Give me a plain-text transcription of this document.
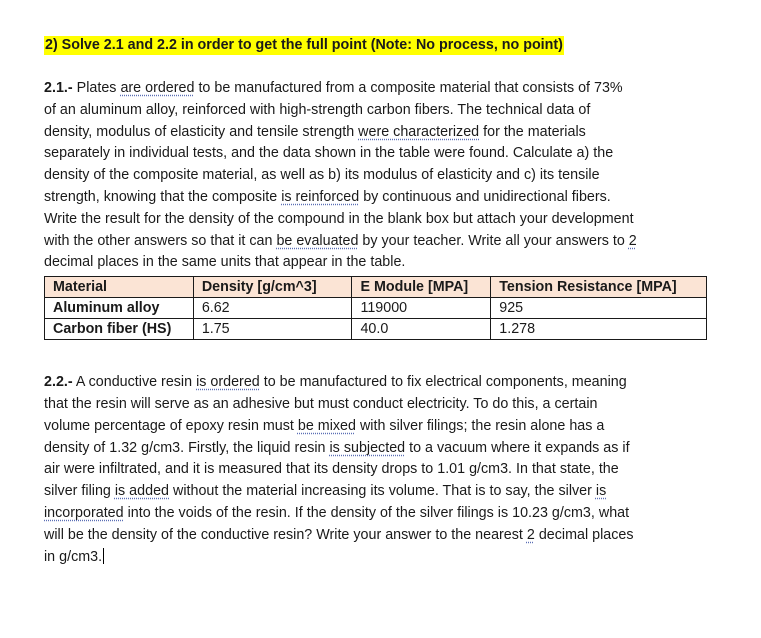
2) Solve 2.1 and 2.2 in order to get the full point (Note: No process, no point)
2.1.- Plates are ordered to be manufactured from a composite material that consists of 73%
of an aluminum alloy, reinforced with high-strength carbon fibers. The technical data of
density, modulus of elasticity and tensile strength were characterized for the materials
separately in individual tests, and the data shown in the table were found. Calculate a) the
density of the composite material, as well as b) its modulus of elasticity and c) its tensile
strength, knowing that the composite is reinforced by continuous and unidirectional fibers.
Write the result for the density of the compound in the blank box but attach your development
with the other answers so that it can be evaluated by your teacher. Write all your answers to 2
decimal places in the same units that appear in the table.
Material	Density [g/cm^3]	E Module [MPA]	Tension Resistance [MPA]
Aluminum alloy	6.62	119000	925
Carbon fiber (HS)	1.75	40.0	1.278
2.2.- A conductive resin is ordered to be manufactured to fix electrical components, meaning
that the resin will serve as an adhesive but must conduct electricity. To do this, a certain
volume percentage of epoxy resin must be mixed with silver filings; the resin alone has a
density of 1.32 g/cm3. Firstly, the liquid resin is subjected to a vacuum where it expands as if
air were infiltrated, and it is measured that its density drops to 1.01 g/cm3. In that state, the
silver filing is added without the material increasing its volume. That is to say, the silver is
incorporated into the voids of the resin. If the density of the silver filings is 10.23 g/cm3, what
will be the density of the conductive resin? Write your answer to the nearest 2 decimal places
in g/cm3.
